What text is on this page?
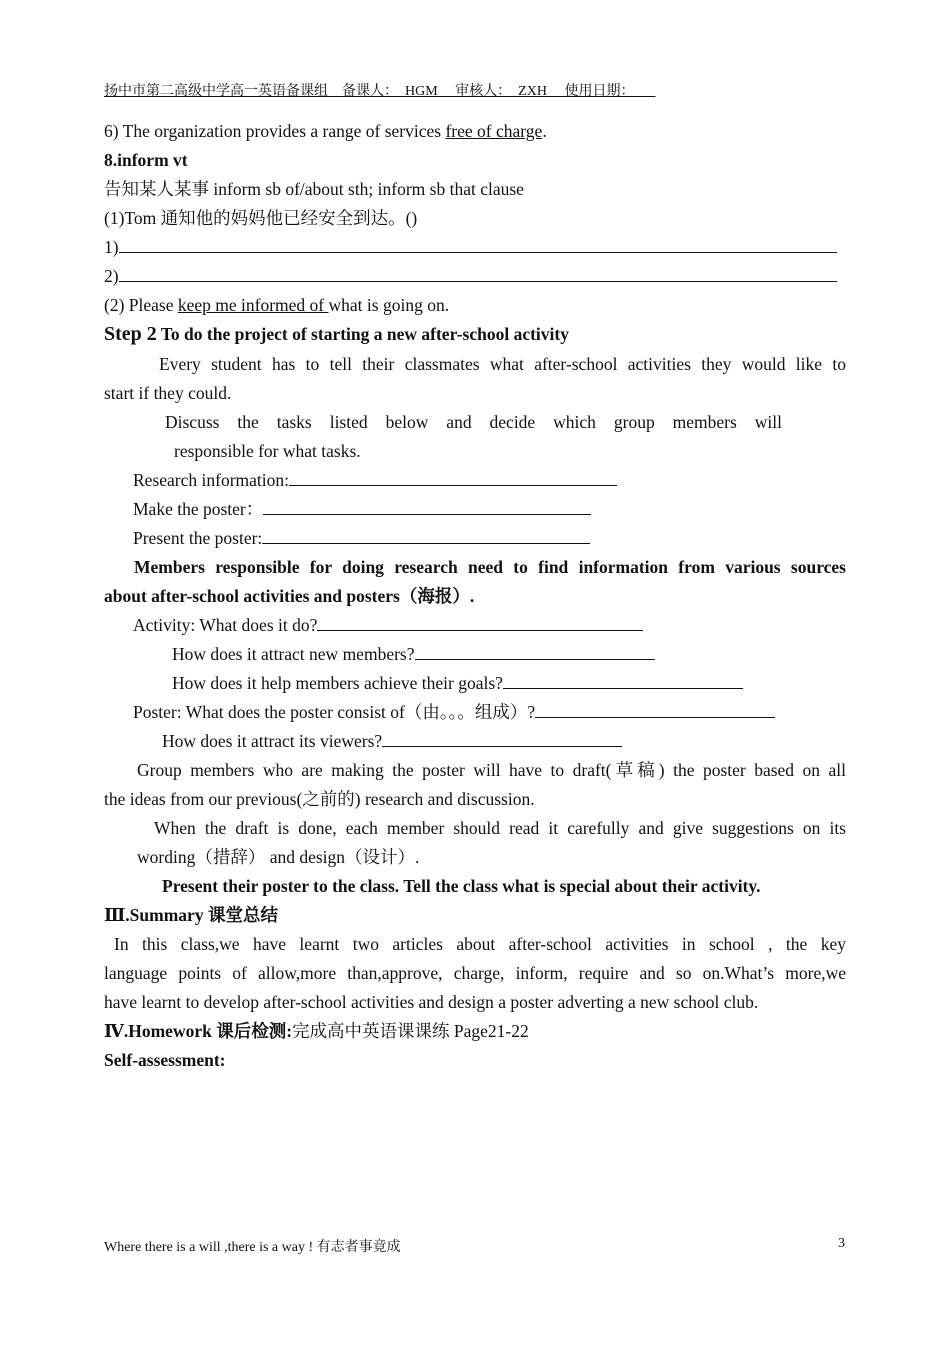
扬中市第二高级中学高一英语备课组    备课人：  HGM     审核人：  ZXH     使用日期：
6) The organization provides a range of services free of charge.
8.inform vt
告知某人某事 inform sb of/about sth; inform sb that clause
(1)Tom 通知他的妈妈他已经安全到达。()
1)
2)
(2) Please keep me informed of what is going on.
Step 2 To do the project of starting a new after-school activity
Every student has to tell their classmates what after-school activities they would like to
start if they could.
Discuss the tasks listed below and decide which group members will
responsible for what tasks.
Research information:
Make the poster：
Present the poster:
Members responsible for doing research need to find information from various sources
about after-school activities and posters（海报）.
Activity: What does it do?
How does it attract new members?
How does it help members achieve their goals?
Poster: What does the poster consist of（由。。。组成）?
How does it attract its viewers?
Group members who are making the poster will have to draft(草稿) the poster based on all
the ideas from our previous(之前的) research and discussion.
When the draft is done, each member should read it carefully and give suggestions on its
wording（措辞） and design（设计）.
Present their poster to the class. Tell the class what is special about their activity.
Ⅲ.Summary 课堂总结
In this class,we have learnt two articles about after-school activities in school , the key
language points of allow,more than,approve, charge, inform, require and so on.What’s more,we
have learnt to develop after-school activities and design a poster adverting a new school club.
Ⅳ.Homework 课后检测:完成高中英语课课练 Page21-22
Self-assessment:
Where there is a will ,there is a way ! 有志者事竟成	3
